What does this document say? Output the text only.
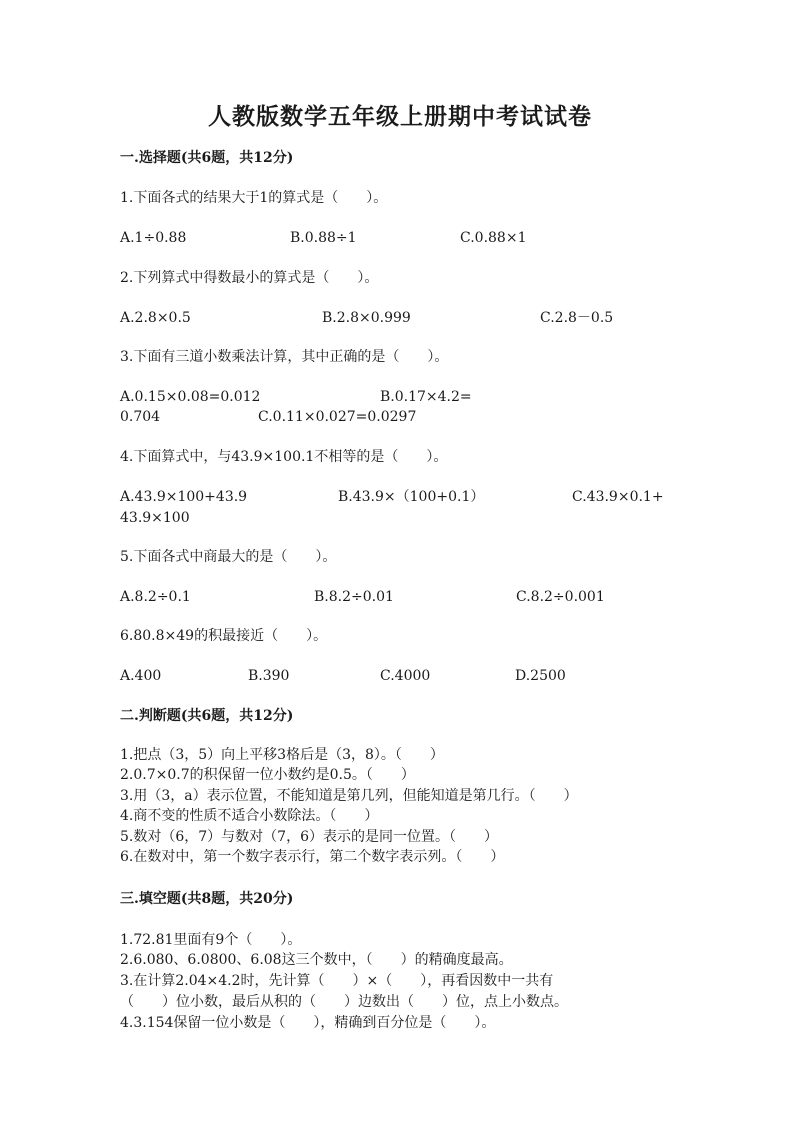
人教版数学五年级上册期中考试试卷
一.选择题(共6题，共12分)
1.下面各式的结果大于1的算式是（　　）。
A.1÷0.88	B.0.88÷1	C.0.88×1
2.下列算式中得数最小的算式是（　　）。
A.2.8×0.5	B.2.8×0.999	C.2.8－0.5
3.下面有三道小数乘法计算，其中正确的是（　　）。
A.0.15×0.08=0.012	B.0.17×4.2=
0.704	C.0.11×0.027=0.0297
4.下面算式中，与43.9×100.1不相等的是（　　）。
A.43.9×100+43.9	B.43.9×（100+0.1）	C.43.9×0.1+
43.9×100
5.下面各式中商最大的是（　　）。
A.8.2÷0.1	B.8.2÷0.01	C.8.2÷0.001
6.80.8×49的积最接近（　　）。
A.400	B.390	C.4000	D.2500
二.判断题(共6题，共12分)
1.把点（3，5）向上平移3格后是（3，8）。（　　）
2.0.7×0.7的积保留一位小数约是0.5。（　　）
3.用（3，a）表示位置，不能知道是第几列，但能知道是第几行。（　　）
4.商不变的性质不适合小数除法。（　　）
5.数对（6，7）与数对（7，6）表示的是同一位置。（　　）
6.在数对中，第一个数字表示行，第二个数字表示列。（　　）
三.填空题(共8题，共20分)
1.72.81里面有9个（　　）。
2.6.080、6.0800、6.08这三个数中，（　　）的精确度最高。
3.在计算2.04×4.2时，先计算（　　）×（　　），再看因数中一共有
（　　）位小数，最后从积的（　　）边数出（　　）位，点上小数点。
4.3.154保留一位小数是（　　），精确到百分位是（　　）。
